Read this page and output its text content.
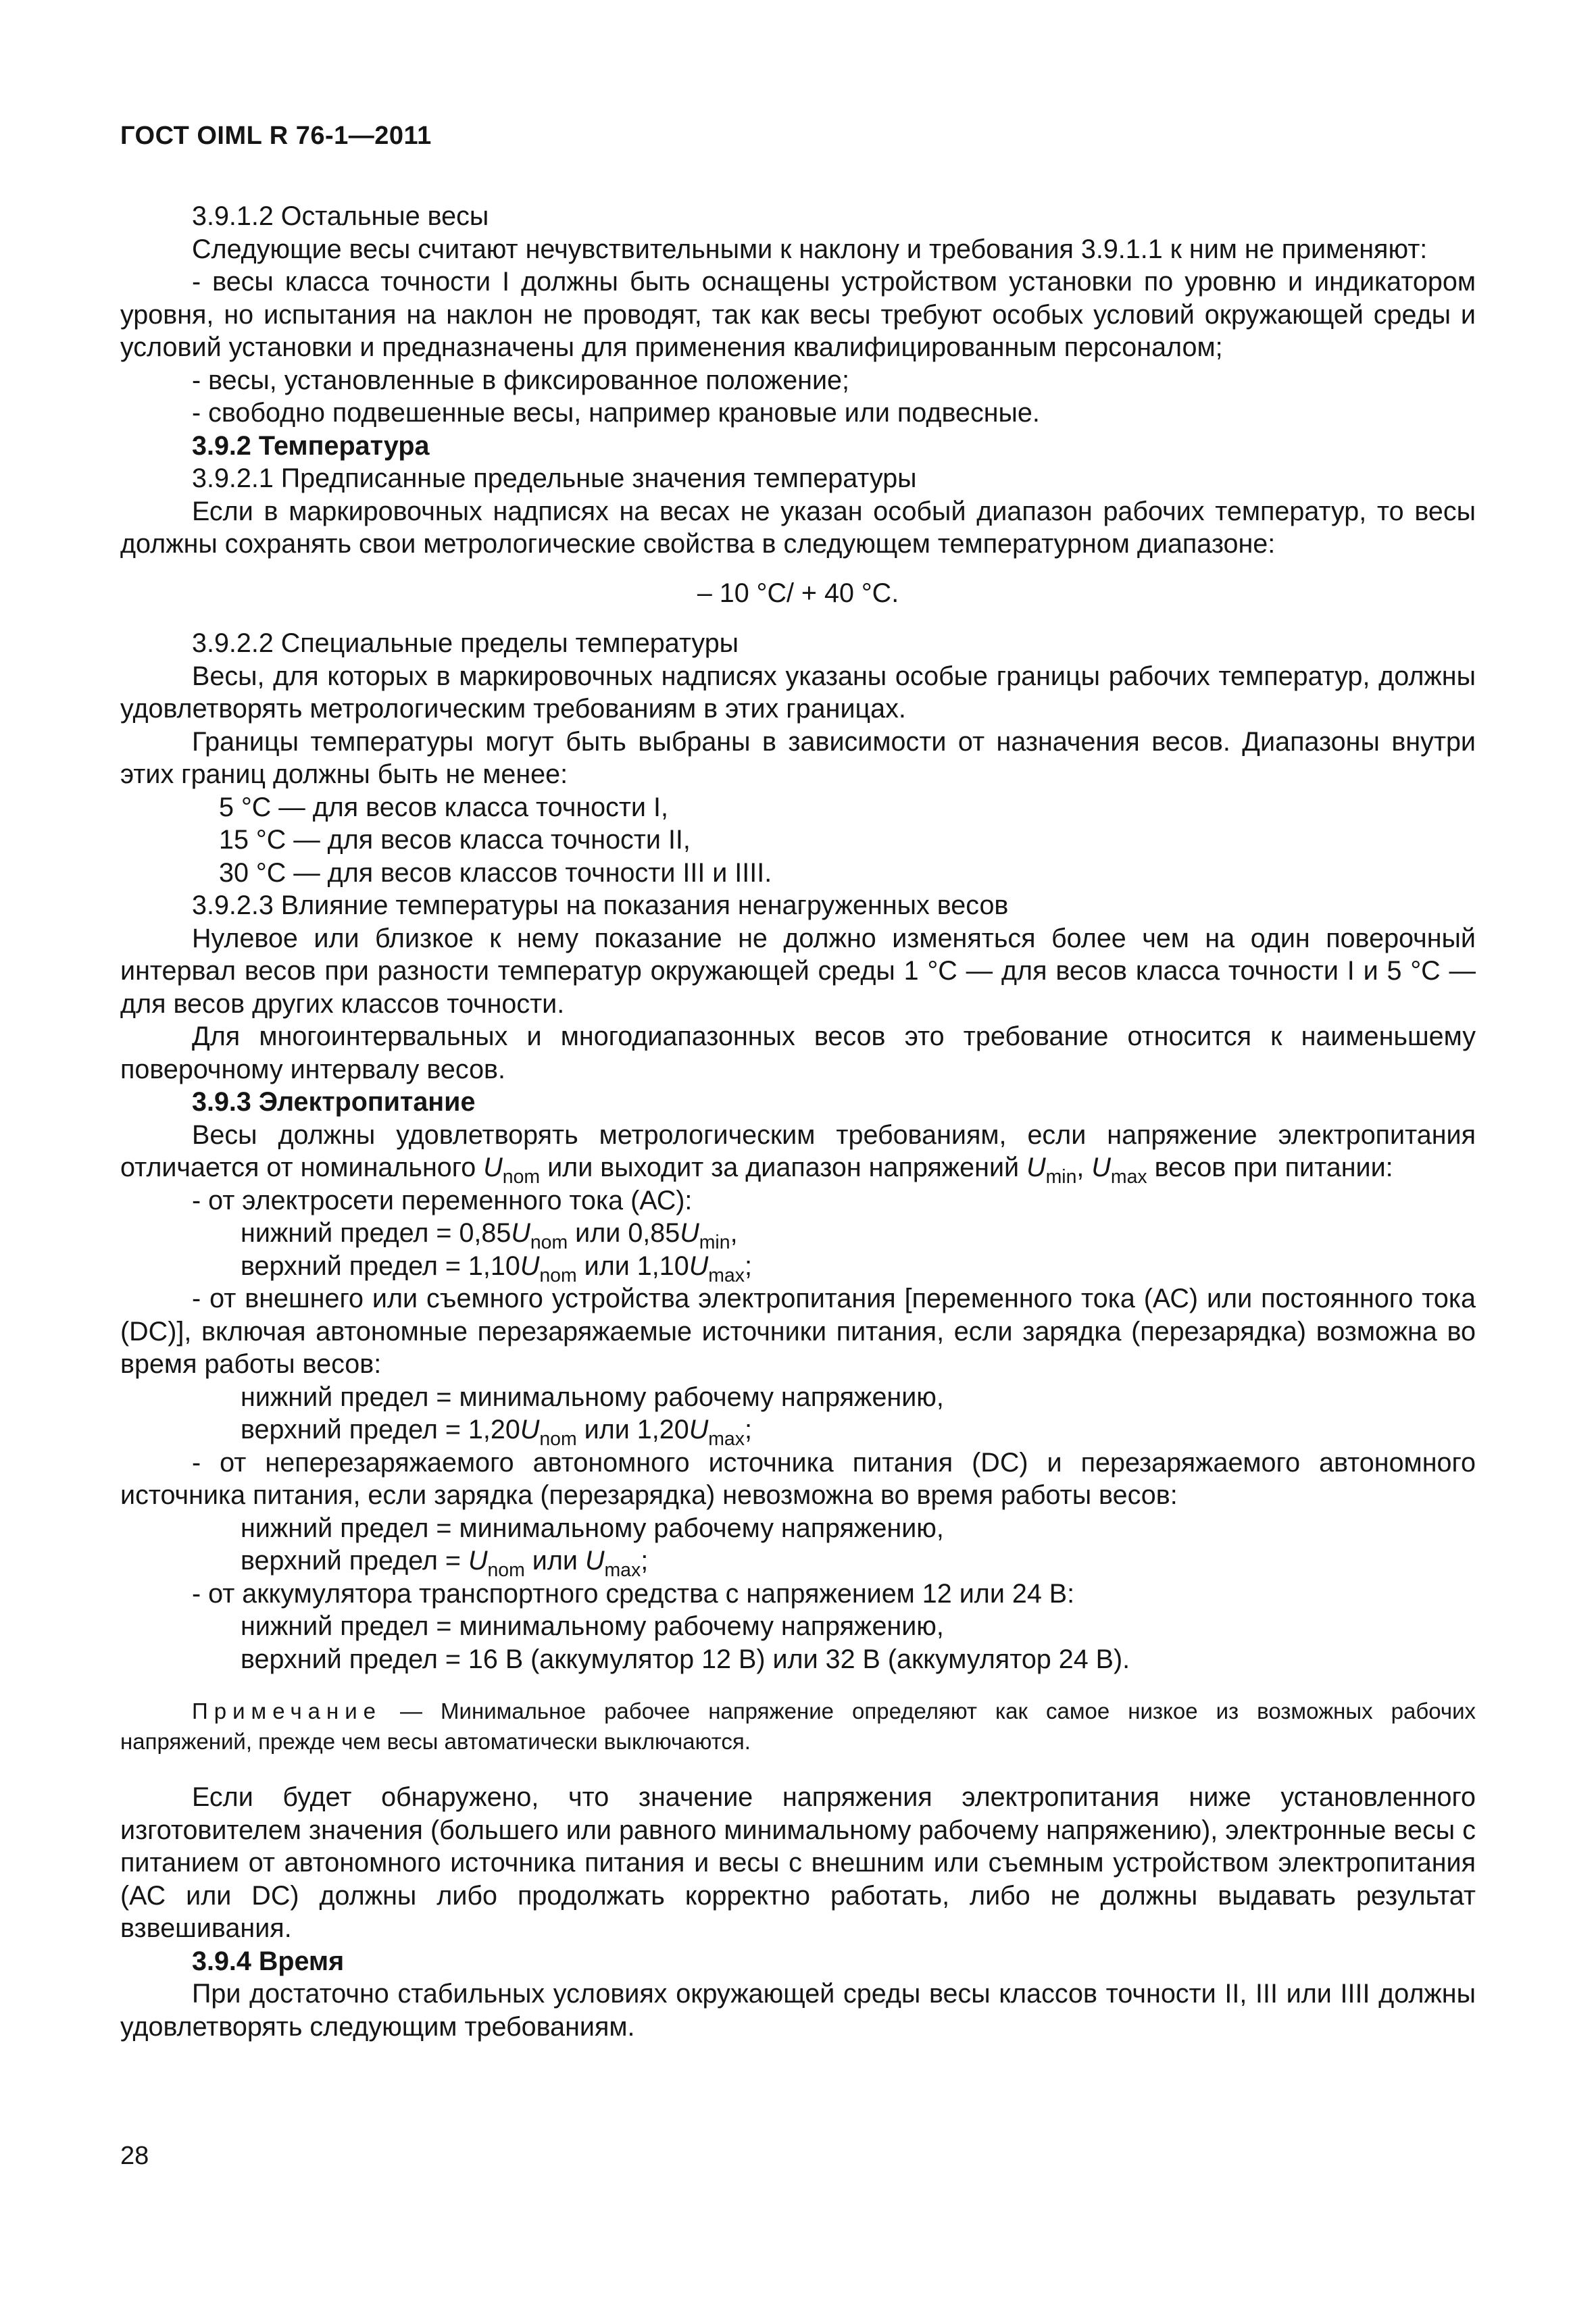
ГОСТ OIML R 76-1—2011

3.9.1.2 Остальные весы

Следующие весы считают нечувствительными к наклону и требования 3.9.1.1 к ним не применяют:

- весы класса точности I должны быть оснащены устройством установки по уровню и индикатором уровня, но испытания на наклон не проводят, так как весы требуют особых условий окружающей среды и условий установки и предназначены для применения квалифицированным персоналом;

- весы, установленные в фиксированное положение;

- свободно подвешенные весы, например крановые или подвесные.

3.9.2 Температура

3.9.2.1 Предписанные предельные значения температуры

Если в маркировочных надписях на весах не указан особый диапазон рабочих температур, то весы должны сохранять свои метрологические свойства в следующем температурном диапазоне:

– 10 °С/ + 40 °С.

3.9.2.2 Специальные пределы температуры

Весы, для которых в маркировочных надписях указаны особые границы рабочих температур, должны удовлетворять метрологическим требованиям в этих границах.

Границы температуры могут быть выбраны в зависимости от назначения весов. Диапазоны внутри этих границ должны быть не менее:

5 °С — для весов класса точности I,

15 °С — для весов класса точности II,

30 °С — для весов классов точности III и IIII.

3.9.2.3 Влияние температуры на показания ненагруженных весов

Нулевое или близкое к нему показание не должно изменяться более чем на один поверочный интервал весов при разности температур окружающей среды 1 °С — для весов класса точности I и 5 °С — для весов других классов точности.

Для многоинтервальных и многодиапазонных весов это требование относится к наименьшему поверочному интервалу весов.

3.9.3 Электропитание

Весы должны удовлетворять метрологическим требованиям, если напряжение электропитания отличается от номинального $U_{nom}$ или выходит за диапазон напряжений $U_{min}$, $U_{max}$ весов при питании:

- от электросети переменного тока (АС):

нижний предел = $0,85U_{nom}$ или $0,85U_{min}$,

верхний предел = $1,10U_{nom}$ или $1,10U_{max}$;

- от внешнего или съемного устройства электропитания [переменного тока (АС) или постоянного тока (DC)], включая автономные перезаряжаемые источники питания, если зарядка (перезарядка) возможна во время работы весов:

нижний предел = минимальному рабочему напряжению,

верхний предел = $1,20U_{nom}$ или $1,20U_{max}$;

- от неперезаряжаемого автономного источника питания (DC) и перезаряжаемого автономного источника питания, если зарядка (перезарядка) невозможна во время работы весов:

нижний предел = минимальному рабочему напряжению,

верхний предел = $U_{nom}$ или $U_{max}$;

- от аккумулятора транспортного средства с напряжением 12 или 24 В:

нижний предел = минимальному рабочему напряжению,

верхний предел = 16 В (аккумулятор 12 В) или 32 В (аккумулятор 24 В).

Примечание — Минимальное рабочее напряжение определяют как самое низкое из возможных рабочих напряжений, прежде чем весы автоматически выключаются.

Если будет обнаружено, что значение напряжения электропитания ниже установленного изготовителем значения (большего или равного минимальному рабочему напряжению), электронные весы с питанием от автономного источника питания и весы с внешним или съемным устройством электропитания (АС или DC) должны либо продолжать корректно работать, либо не должны выдавать результат взвешивания.

3.9.4 Время

При достаточно стабильных условиях окружающей среды весы классов точности II, III или IIII должны удовлетворять следующим требованиям.

28
